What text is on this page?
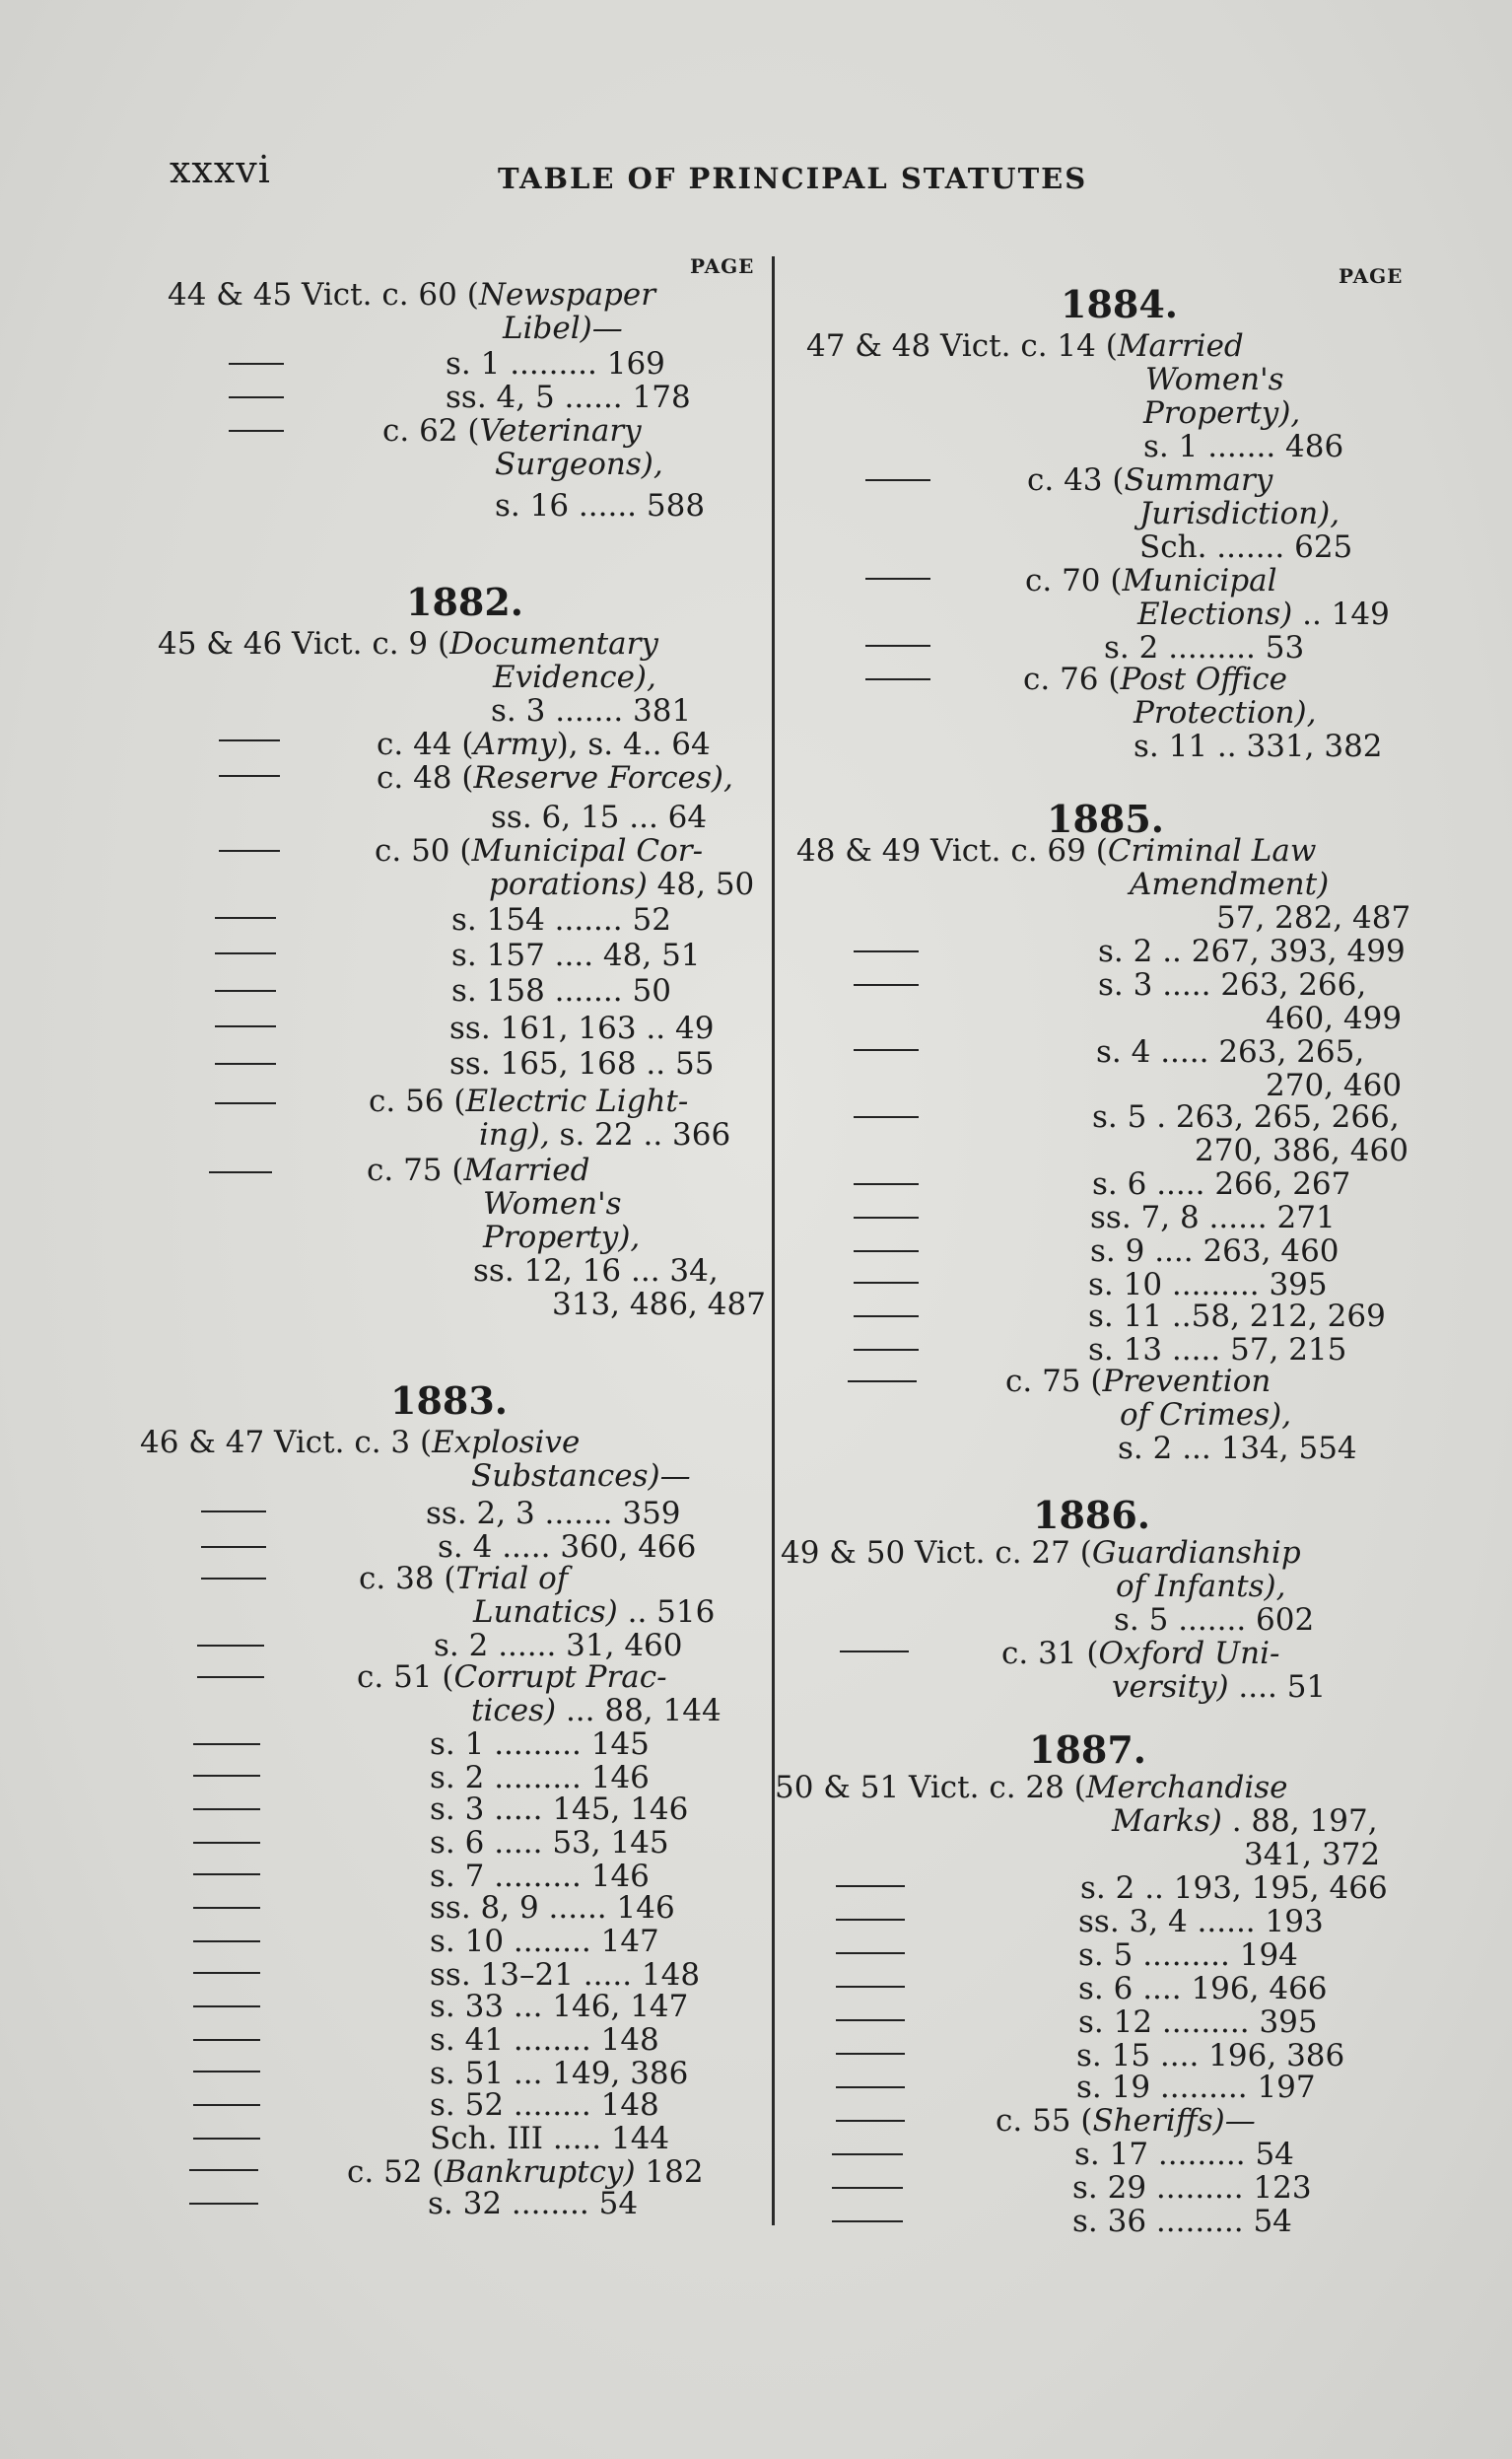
xxxvi	TABLE OF PRINCIPAL STATUTES
PAGE	PAGE
44 & 45 Vict. c. 60 (Newspaper
Libel)—
s. 1 ......... 169
ss. 4, 5 ...... 178
c. 62 (Veterinary
Surgeons),
s. 16 ...... 588
1882.
45 & 46 Vict. c. 9 (Documentary
Evidence),
s. 3 ....... 381
c. 44 (Army), s. 4.. 64
c. 48 (Reserve Forces),
ss. 6, 15 ... 64
c. 50 (Municipal Cor-
porations) 48, 50
s. 154 ....... 52
s. 157 .... 48, 51
s. 158 ....... 50
ss. 161, 163 .. 49
ss. 165, 168 .. 55
c. 56 (Electric Light-
ing), s. 22 .. 366
c. 75 (Married
Women's
Property),
ss. 12, 16 ... 34,
313, 486, 487
1883.
46 & 47 Vict. c. 3 (Explosive
Substances)—
ss. 2, 3 ....... 359
s. 4 ..... 360, 466
c. 38 (Trial of
Lunatics) .. 516
s. 2 ...... 31, 460
c. 51 (Corrupt Prac-
tices) ... 88, 144
s. 1 ......... 145
s. 2 ......... 146
s. 3 ..... 145, 146
s. 6 ..... 53, 145
s. 7 ......... 146
ss. 8, 9 ...... 146
s. 10 ........ 147
ss. 13–21 ..... 148
s. 33 ... 146, 147
s. 41 ........ 148
s. 51 ... 149, 386
s. 52 ........ 148
Sch. III ..... 144
c. 52 (Bankruptcy) 182
s. 32 ........ 54
1884.
47 & 48 Vict. c. 14 (Married
Women's
Property),
s. 1 ....... 486
c. 43 (Summary
Jurisdiction),
Sch. ....... 625
c. 70 (Municipal
Elections) .. 149
s. 2 ......... 53
c. 76 (Post Office
Protection),
s. 11 .. 331, 382
1885.
48 & 49 Vict. c. 69 (Criminal Law
Amendment)
57, 282, 487
s. 2 .. 267, 393, 499
s. 3 ..... 263, 266,
460, 499
s. 4 ..... 263, 265,
270, 460
s. 5 . 263, 265, 266,
270, 386, 460
s. 6 ..... 266, 267
ss. 7, 8 ...... 271
s. 9 .... 263, 460
s. 10 ......... 395
s. 11 ..58, 212, 269
s. 13 ..... 57, 215
c. 75 (Prevention
of Crimes),
s. 2 ... 134, 554
1886.
49 & 50 Vict. c. 27 (Guardianship
of Infants),
s. 5 ....... 602
c. 31 (Oxford Uni-
versity) .... 51
1887.
50 & 51 Vict. c. 28 (Merchandise
Marks) . 88, 197,
341, 372
s. 2 .. 193, 195, 466
ss. 3, 4 ...... 193
s. 5 ......... 194
s. 6 .... 196, 466
s. 12 ......... 395
s. 15 .... 196, 386
s. 19 ......... 197
c. 55 (Sheriffs)—
s. 17 ......... 54
s. 29 ......... 123
s. 36 ......... 54
